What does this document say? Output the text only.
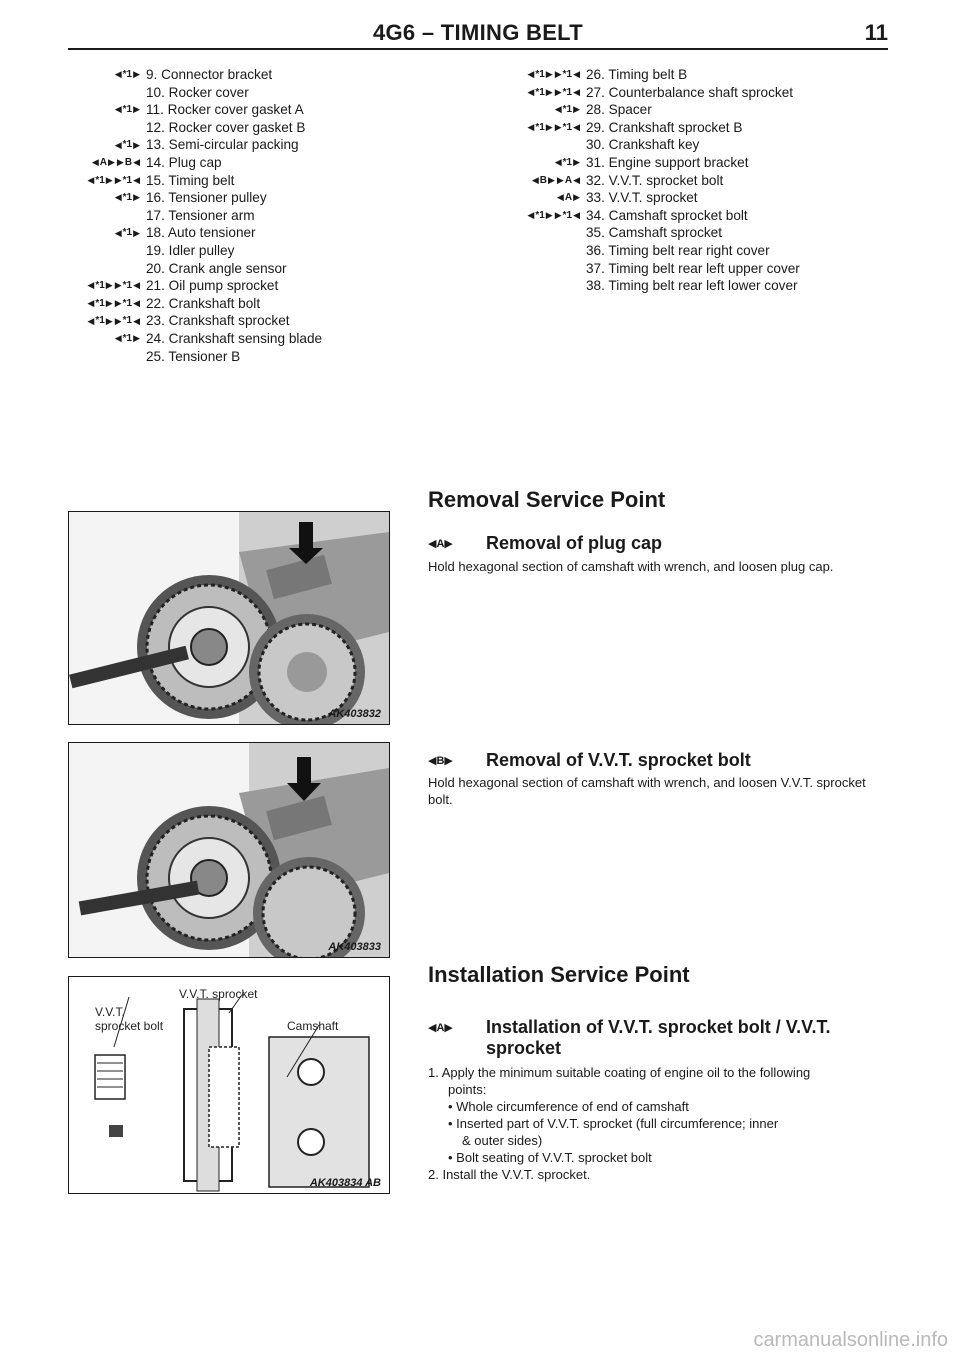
4G6 – TIMING BELT	11
◀ *1 ▶ 9. Connector bracket
10. Rocker cover
◀ *1 ▶ 11. Rocker cover gasket A
12. Rocker cover gasket B
◀ *1 ▶ 13. Semi-circular packing
◀ A ▶ ▶ B ◀ 14. Plug cap
◀ *1 ▶ ▶ *1 ◀ 15. Timing belt
◀ *1 ▶ 16. Tensioner pulley
17. Tensioner arm
◀ *1 ▶ 18. Auto tensioner
19. Idler pulley
20. Crank angle sensor
◀ *1 ▶ ▶ *1 ◀ 21. Oil pump sprocket
◀ *1 ▶ ▶ *1 ◀ 22. Crankshaft bolt
◀ *1 ▶ ▶ *1 ◀ 23. Crankshaft sprocket
◀ *1 ▶ 24. Crankshaft sensing blade
25. Tensioner B
◀ *1 ▶ ▶ *1 ◀ 26. Timing belt B
◀ *1 ▶ ▶ *1 ◀ 27. Counterbalance shaft sprocket
◀ *1 ▶ 28. Spacer
◀ *1 ▶ ▶ *1 ◀ 29. Crankshaft sprocket B
30. Crankshaft key
◀ *1 ▶ 31. Engine support bracket
◀ B ▶ ▶ A ◀ 32. V.V.T. sprocket bolt
◀ A ▶ 33. V.V.T. sprocket
◀ *1 ▶ ▶ *1 ◀ 34. Camshaft sprocket bolt
35. Camshaft sprocket
36. Timing belt rear right cover
37. Timing belt rear left upper cover
38. Timing belt rear left lower cover
Removal Service Point
◀ A ▶	Removal of plug cap

Hold hexagonal section of camshaft with wrench, and loosen plug cap.

◀ B ▶	Removal of V.V.T. sprocket bolt

Hold hexagonal section of camshaft with wrench, and loosen V.V.T. sprocket bolt.

Installation Service Point
◀ A ▶	Installation of V.V.T. sprocket bolt / V.V.T.
sprocket

1. Apply the minimum suitable coating of engine oil to the following

points:

• Whole circumference of end of camshaft

• Inserted part of V.V.T. sprocket (full circumference; inner

& outer sides)

• Bolt seating of V.V.T. sprocket bolt

2. Install the V.V.T. sprocket.

AK403832
AK403833
V.V.T. sprocket bolt
V.V.T. sprocket
Camshaft
AK403834 AB
carmanualsonline.info
